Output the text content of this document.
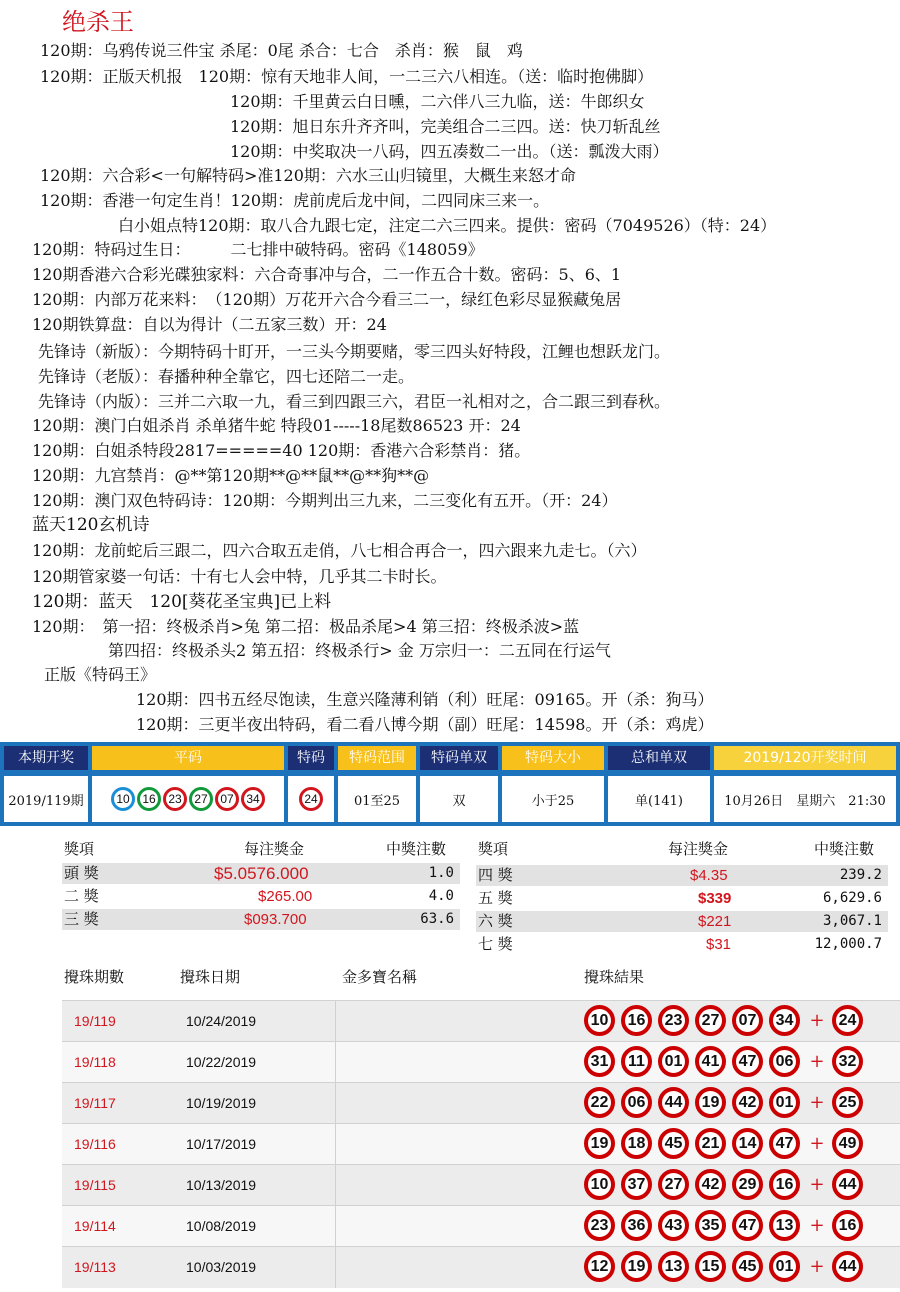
绝杀王
120期：乌鸦传说三件宝 杀尾：0尾 杀合：七合　杀肖：猴　鼠　鸡
120期：正版天机报　120期：惊有天地非人间，一二三六八相连。（送：临时抱佛脚）
120期：千里黄云白日曛，二六伴八三九临，送：牛郎织女
120期：旭日东升齐齐叫，完美组合二三四。送：快刀斩乱丝
120期：中奖取决一八码，四五凑数二一出。（送：瓢泼大雨）
120期：六合彩<一句解特码>准120期：六水三山归镜里，大概生来怒才命
120期：香港一句定生肖！120期：虎前虎后龙中间，二四同床三来一。
白小姐点特120期：取八合九跟七定，注定二六三四来。提供：密码（7049526）（特：24）
120期：特码过生日：　　　二七排中破特码。密码《148059》
120期香港六合彩光碟独家料：六合奇事冲与合，二一作五合十数。密码：5、6、1
120期：内部万花来料：　（120期）万花开六合今看三二一，绿红色彩尽显猴藏兔居
120期铁算盘：自以为得计（二五家三数）开：24
先锋诗（新版）：今期特码十盯开，一三头今期要赌，零三四头好特段，江鲤也想跃龙门。
先锋诗（老版）：春播种种全靠它，四七还陪二一走。
先锋诗（内版）：三并二六取一九，看三到四跟三六，君臣一礼相对之，合二跟三到春秋。
120期：澳门白姐杀肖 杀单猪牛蛇 特段01-----18尾数86523 开：24
120期：白姐杀特段2817=====40 120期：香港六合彩禁肖：猪。
120期：九宫禁肖：@**第120期**@**鼠**@**狗**@
120期：澳门双色特码诗：120期：今期判出三九来，二三变化有五开。（开：24）
蓝天120玄机诗
120期：龙前蛇后三跟二，四六合取五走俏，八七相合再合一，四六跟来九走七。（六）
120期管家婆一句话：十有七人会中特，几乎其二卡时长。
120期：蓝天　120[葵花圣宝典]已上料
120期：　第一招：终极杀肖>兔 第二招：极品杀尾>4 第三招：终极杀波>蓝
第四招：终极杀头2 第五招：终极杀行> 金 万宗归一：二五同在行运气
正版《特码王》
120期：四书五经尽饱读，生意兴隆薄利销（利）旺尾：09165。开（杀：狗马）
120期：三更半夜出特码，看二看八博今期（副）旺尾：14598。开（杀：鸡虎）
本期开奖	平码	特码	特码范围	特码单双	特码大小	总和单双	2019/120开奖时间
2019/119期	10	16	23	27	07	34	24	01至25	双	小于25	单(141)	10月26日　星期六　21:30
獎項	每注獎金	中獎注數 獎項	每注獎金	中獎注數
頭 獎	$5.0576.000	1.0
二 獎	$265.00	4.0
三 獎	$093.700	63.6
四 獎	$4.35	239.2
五 獎	$339	6,629.6
六 獎	$221	3,067.1
七 獎	$31	12,000.7
攪珠期數	攪珠日期	金多寶名稱	攪珠結果
19/119	10/24/2019	10	16	23	27	07	34 + 24
19/118	10/22/2019	31	11	01	41	47	06 + 32
19/117	10/19/2019	22	06	44	19	42	01 + 25
19/116	10/17/2019	19	18	45	21	14	47 + 49
19/115	10/13/2019	10	37	27	42	29	16 + 44
19/114	10/08/2019	23	36	43	35	47	13 + 16
19/113	10/03/2019	12	19	13	15	45	01 + 44
